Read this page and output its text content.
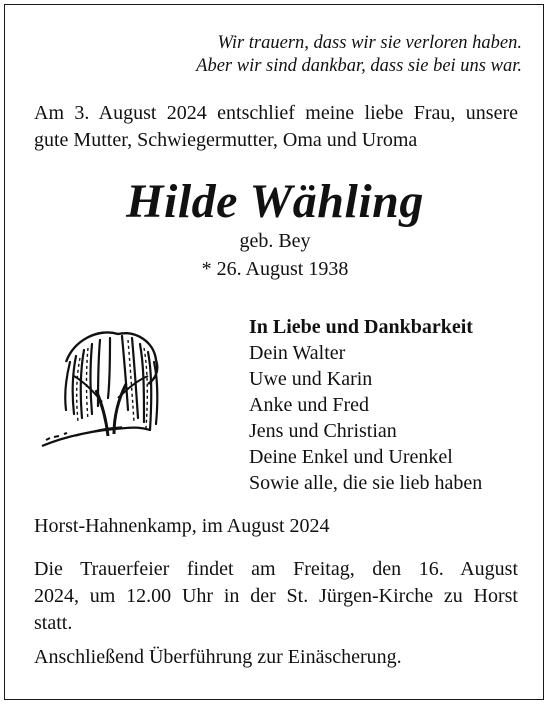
Wir trauern, dass wir sie verloren haben.
Aber wir sind dankbar, dass sie bei uns war.
Am 3. August 2024 entschlief meine liebe Frau, unsere
gute Mutter, Schwiegermutter, Oma und Uroma
Hilde Wähling
geb. Bey
* 26. August 1938
In Liebe und Dankbarkeit
Dein Walter
Uwe und Karin
Anke und Fred
Jens und Christian
Deine Enkel und Urenkel
Sowie alle, die sie lieb haben
Horst-Hahnenkamp, im August 2024
Die Trauerfeier findet am Freitag, den 16. August
2024, um 12.00 Uhr in der St. Jürgen-Kirche zu Horst
statt.
Anschließend Überführung zur Einäscherung.
